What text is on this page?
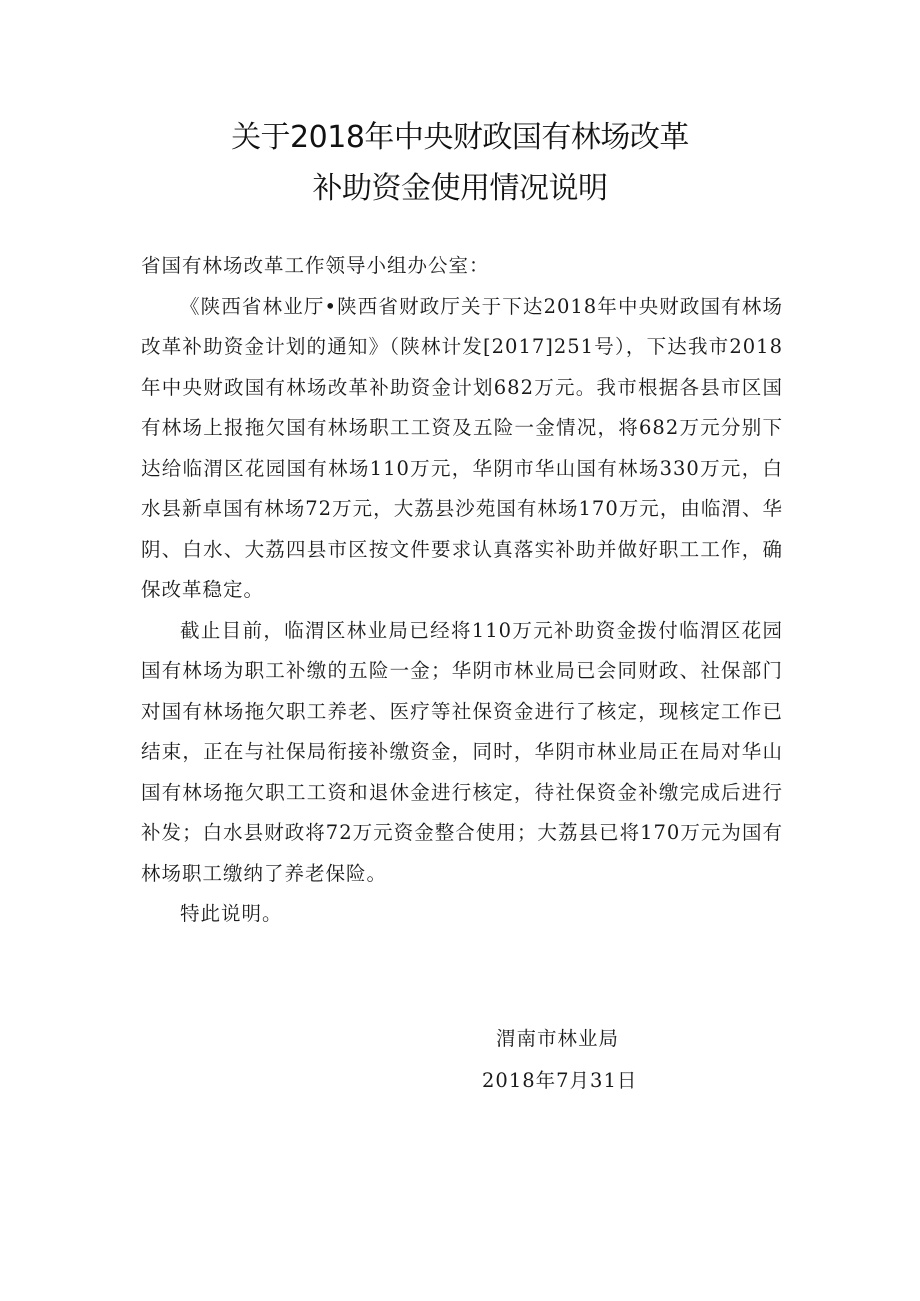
关于2018年中央财政国有林场改革
补助资金使用情况说明

省国有林场改革工作领导小组办公室：

《陕西省林业厅•陕西省财政厅关于下达2018年中央财政国有林场改革补助资金计划的通知》（陕林计发[2017]251号），下达我市2018年中央财政国有林场改革补助资金计划682万元。我市根据各县市区国有林场上报拖欠国有林场职工工资及五险一金情况，将682万元分别下达给临渭区花园国有林场110万元，华阴市华山国有林场330万元，白水县新卓国有林场72万元，大荔县沙苑国有林场170万元，由临渭、华阴、白水、大荔四县市区按文件要求认真落实补助并做好职工工作，确保改革稳定。

截止目前，临渭区林业局已经将110万元补助资金拨付临渭区花园国有林场为职工补缴的五险一金；华阴市林业局已会同财政、社保部门对国有林场拖欠职工养老、医疗等社保资金进行了核定，现核定工作已结束，正在与社保局衔接补缴资金，同时，华阴市林业局正在局对华山国有林场拖欠职工工资和退休金进行核定，待社保资金补缴完成后进行补发；白水县财政将72万元资金整合使用；大荔县已将170万元为国有林场职工缴纳了养老保险。

特此说明。

渭南市林业局
2018年7月31日
